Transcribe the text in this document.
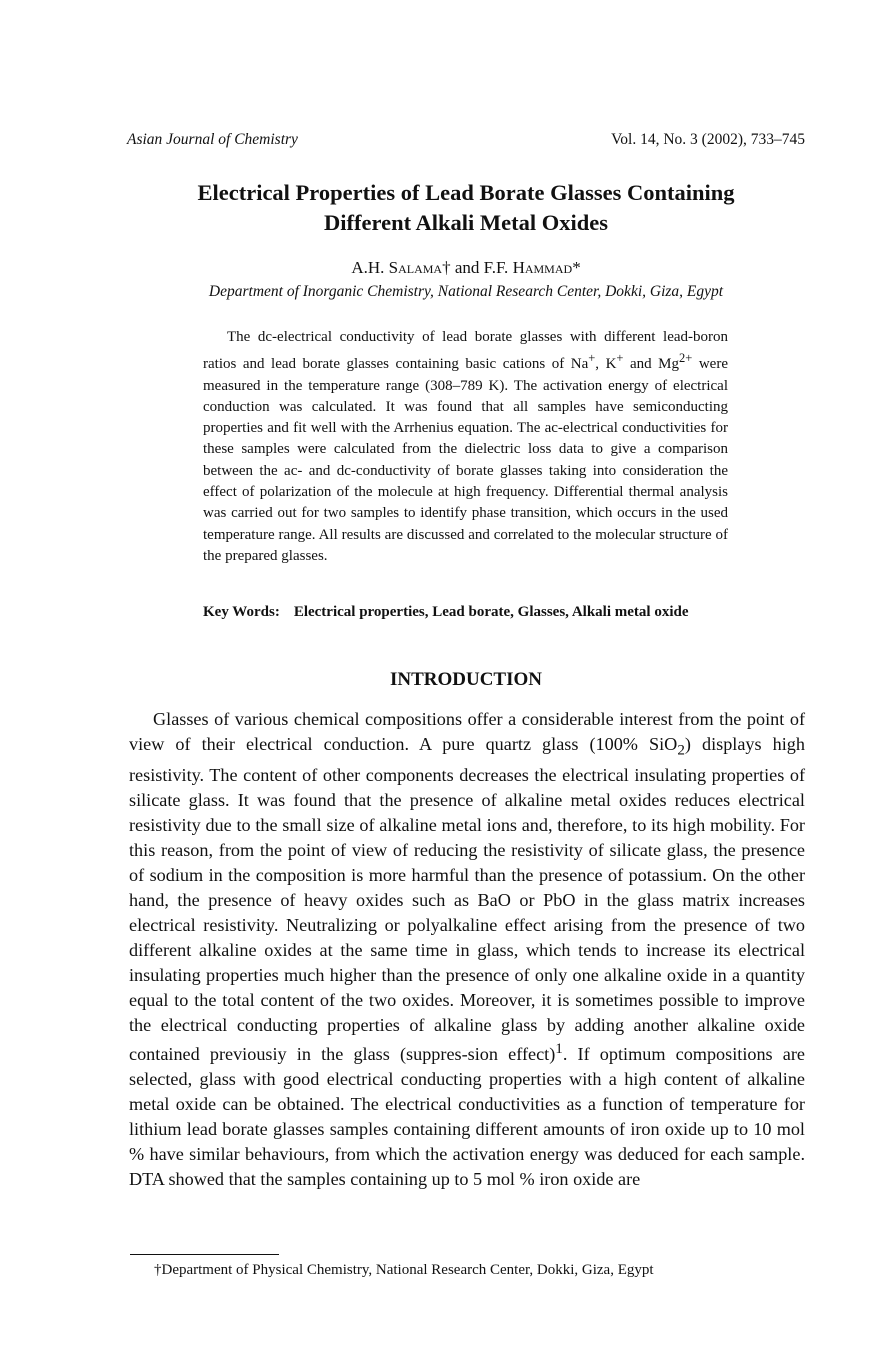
Asian Journal of Chemistry	Vol. 14, No. 3 (2002), 733–745
Electrical Properties of Lead Borate Glasses Containing
Different Alkali Metal Oxides
A.H. Salama† and F.F. Hammad*
Department of Inorganic Chemistry, National Research Center, Dokki, Giza, Egypt

The dc-electrical conductivity of lead borate glasses with different lead-boron ratios and lead borate glasses containing basic cations of Na+, K+ and $Mg^{2+}$ were measured in the temperature range (308–789 K). The activation energy of electrical conduction was calculated. It was found that all samples have semiconducting properties and fit well with the Arrhenius equation. The ac-electrical conductivities for these samples were calculated from the dielectric loss data to give a comparison between the ac- and dc-conductivity of borate glasses taking into consideration the effect of polarization of the molecule at high frequency. Differential thermal analysis was carried out for two samples to identify phase transition, which occurs in the used temperature range. All results are discussed and correlated to the molecular structure of the prepared glasses.

Key Words: Electrical properties, Lead borate, Glasses, Alkali metal oxide

INTRODUCTION

Glasses of various chemical compositions offer a considerable interest from the point of view of their electrical conduction. A pure quartz glass (100% SiO$_2$) displays high resistivity. The content of other components decreases the electrical insulating properties of silicate glass. It was found that the presence of alkaline metal oxides reduces electrical resistivity due to the small size of alkaline metal ions and, therefore, to its high mobility. For this reason, from the point of view of reducing the resistivity of silicate glass, the presence of sodium in the composition is more harmful than the presence of potassium. On the other hand, the presence of heavy oxides such as BaO or PbO in the glass matrix increases electrical resistivity. Neutralizing or polyalkaline effect arising from the presence of two different alkaline oxides at the same time in glass, which tends to increase its electrical insulating properties much higher than the presence of only one alkaline oxide in a quantity equal to the total content of the two oxides. Moreover, it is sometimes possible to improve the electrical conducting properties of alkaline glass by adding another alkaline oxide contained previousiy in the glass (suppres-sion effect)$^1$. If optimum compositions are selected, glass with good electrical conducting properties with a high content of alkaline metal oxide can be obtained. The electrical conductivities as a function of temperature for lithium lead borate glasses samples containing different amounts of iron oxide up to 10 mol % have similar behaviours, from which the activation energy was deduced for each sample. DTA showed that the samples containing up to 5 mol % iron oxide are

†Department of Physical Chemistry, National Research Center, Dokki, Giza, Egypt
